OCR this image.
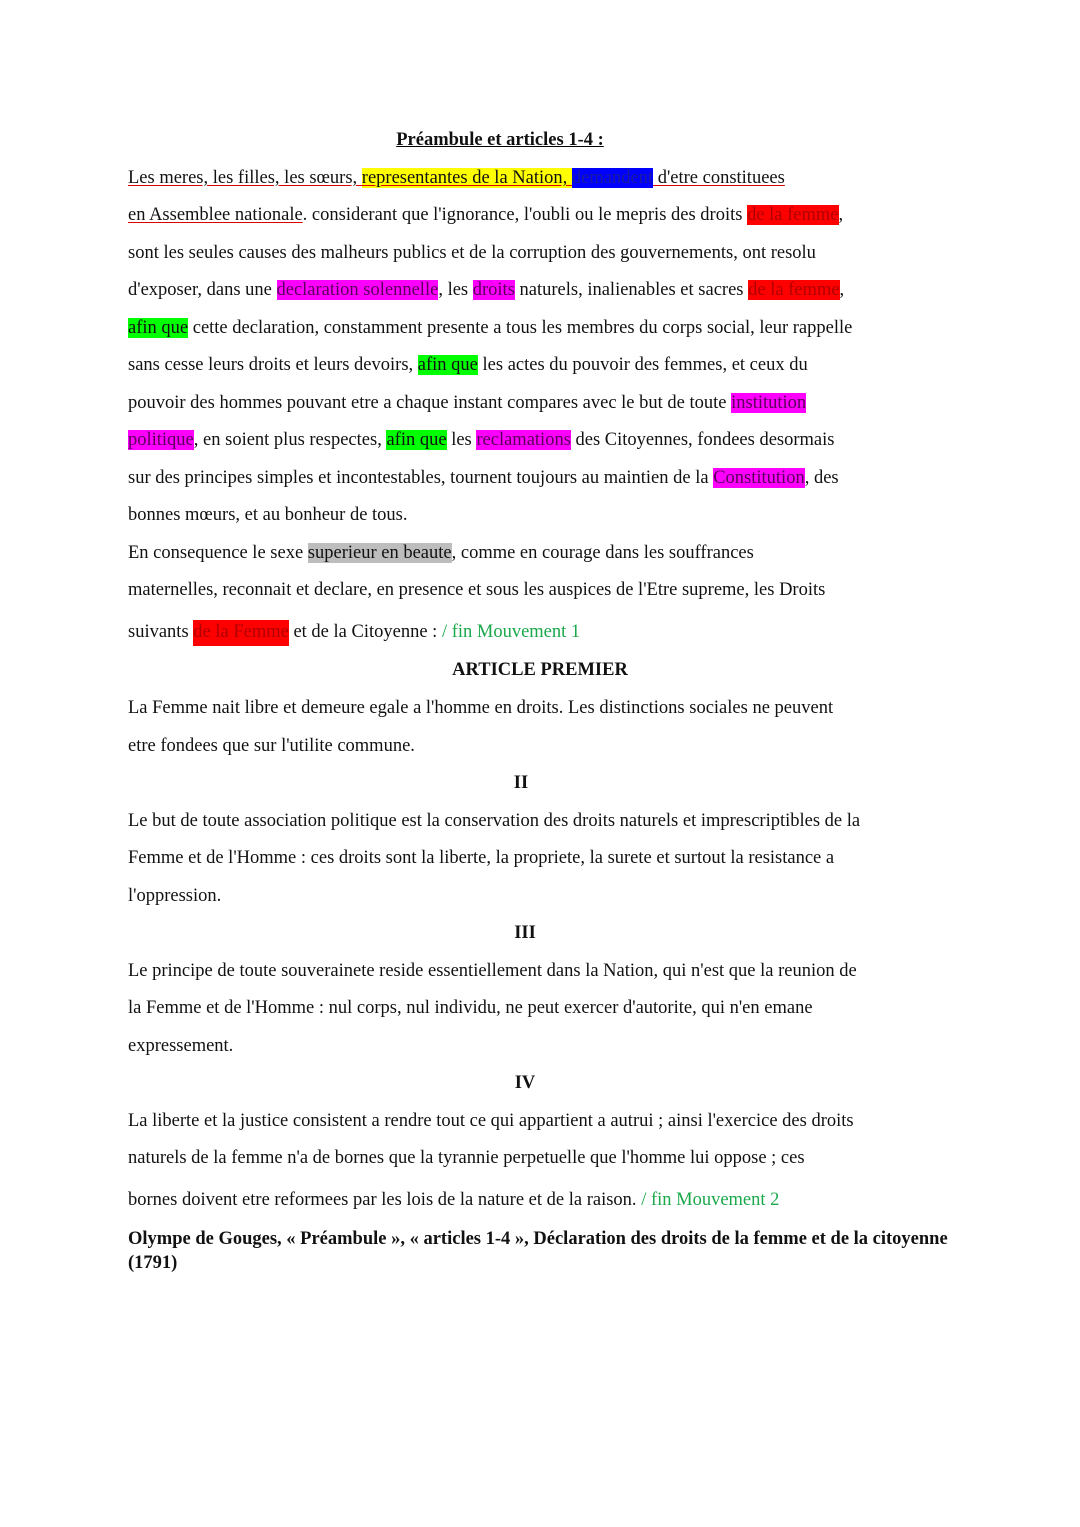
Préambule et articles 1-4 :
Les meres, les filles, les sœurs, representantes de la Nation, demandent d'etre constituees
en Assemblee nationale. considerant que l'ignorance, l'oubli ou le mepris des droits de la femme,
sont les seules causes des malheurs publics et de la corruption des gouvernements, ont resolu
d'exposer, dans une declaration solennelle, les droits naturels, inalienables et sacres de la femme,
afin que cette declaration, constamment presente a tous les membres du corps social, leur rappelle
sans cesse leurs droits et leurs devoirs, afin que les actes du pouvoir des femmes, et ceux du
pouvoir des hommes pouvant etre a chaque instant compares avec le but de toute institution
politique, en soient plus respectes, afin que les reclamations des Citoyennes, fondees desormais
sur des principes simples et incontestables, tournent toujours au maintien de la Constitution, des
bonnes mœurs, et au bonheur de tous.
En consequence le sexe superieur en beaute, comme en courage dans les souffrances
maternelles, reconnait et declare, en presence et sous les auspices de l'Etre supreme, les Droits
suivants de la Femme et de la Citoyenne : / fin Mouvement 1
ARTICLE PREMIER
La Femme nait libre et demeure egale a l'homme en droits. Les distinctions sociales ne peuvent
etre fondees que sur l'utilite commune.
II
Le but de toute association politique est la conservation des droits naturels et imprescriptibles de la
Femme et de l'Homme : ces droits sont la liberte, la propriete, la surete et surtout la resistance a
l'oppression.
III
Le principe de toute souverainete reside essentiellement dans la Nation, qui n'est que la reunion de
la Femme et de l'Homme : nul corps, nul individu, ne peut exercer d'autorite, qui n'en emane
expressement.
IV
La liberte et la justice consistent a rendre tout ce qui appartient a autrui ; ainsi l'exercice des droits
naturels de la femme n'a de bornes que la tyrannie perpetuelle que l'homme lui oppose ; ces
bornes doivent etre reformees par les lois de la nature et de la raison. / fin Mouvement 2
Olympe de Gouges, « Préambule », « articles 1-4 », Déclaration des droits de la femme et de la citoyenne (1791)
